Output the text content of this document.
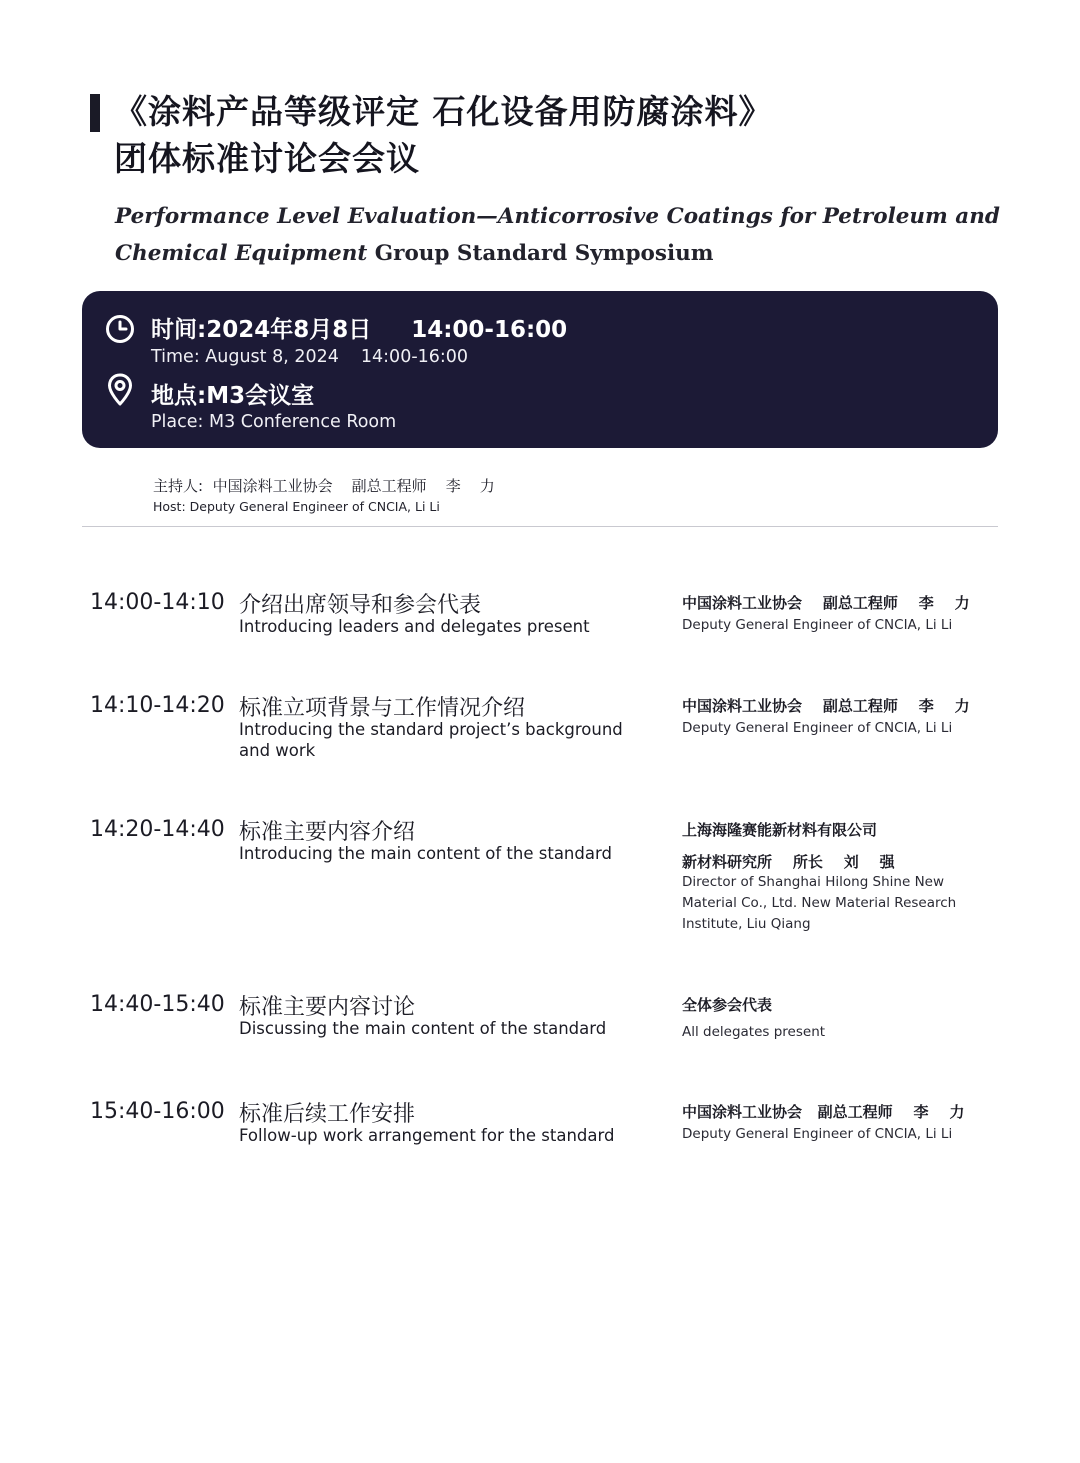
《涂料产品等级评定 石化设备用防腐涂料》
团体标准讨论会会议
Performance Level Evaluation—Anticorrosive Coatings for Petroleum and Chemical Equipment Group Standard Symposium
时间:2024年8月8日 14:00-16:00
Time: August 8, 2024 14:00-16:00
地点:M3会议室
Place: M3 Conference Room
主持人:  中国涂料工业协会    副总工程师    李    力
Host: Deputy General Engineer of CNCIA, Li Li
14:00-14:10 介绍出席领导和参会代表
Introducing leaders and delegates present
中国涂料工业协会    副总工程师    李    力
Deputy General Engineer of CNCIA, Li Li
14:10-14:20 标准立项背景与工作情况介绍
Introducing the standard project’s background and work
中国涂料工业协会    副总工程师    李    力
Deputy General Engineer of CNCIA, Li Li
14:20-14:40 标准主要内容介绍
Introducing the main content of the standard
上海海隆赛能新材料有限公司
新材料研究所    所长    刘    强
Director of Shanghai Hilong Shine New Material Co., Ltd. New Material Research Institute, Liu Qiang
14:40-15:40 标准主要内容讨论
Discussing the main content of the standard
全体参会代表
All delegates present
15:40-16:00 标准后续工作安排
Follow-up work arrangement for the standard
中国涂料工业协会   副总工程师    李    力
Deputy General Engineer of CNCIA, Li Li
